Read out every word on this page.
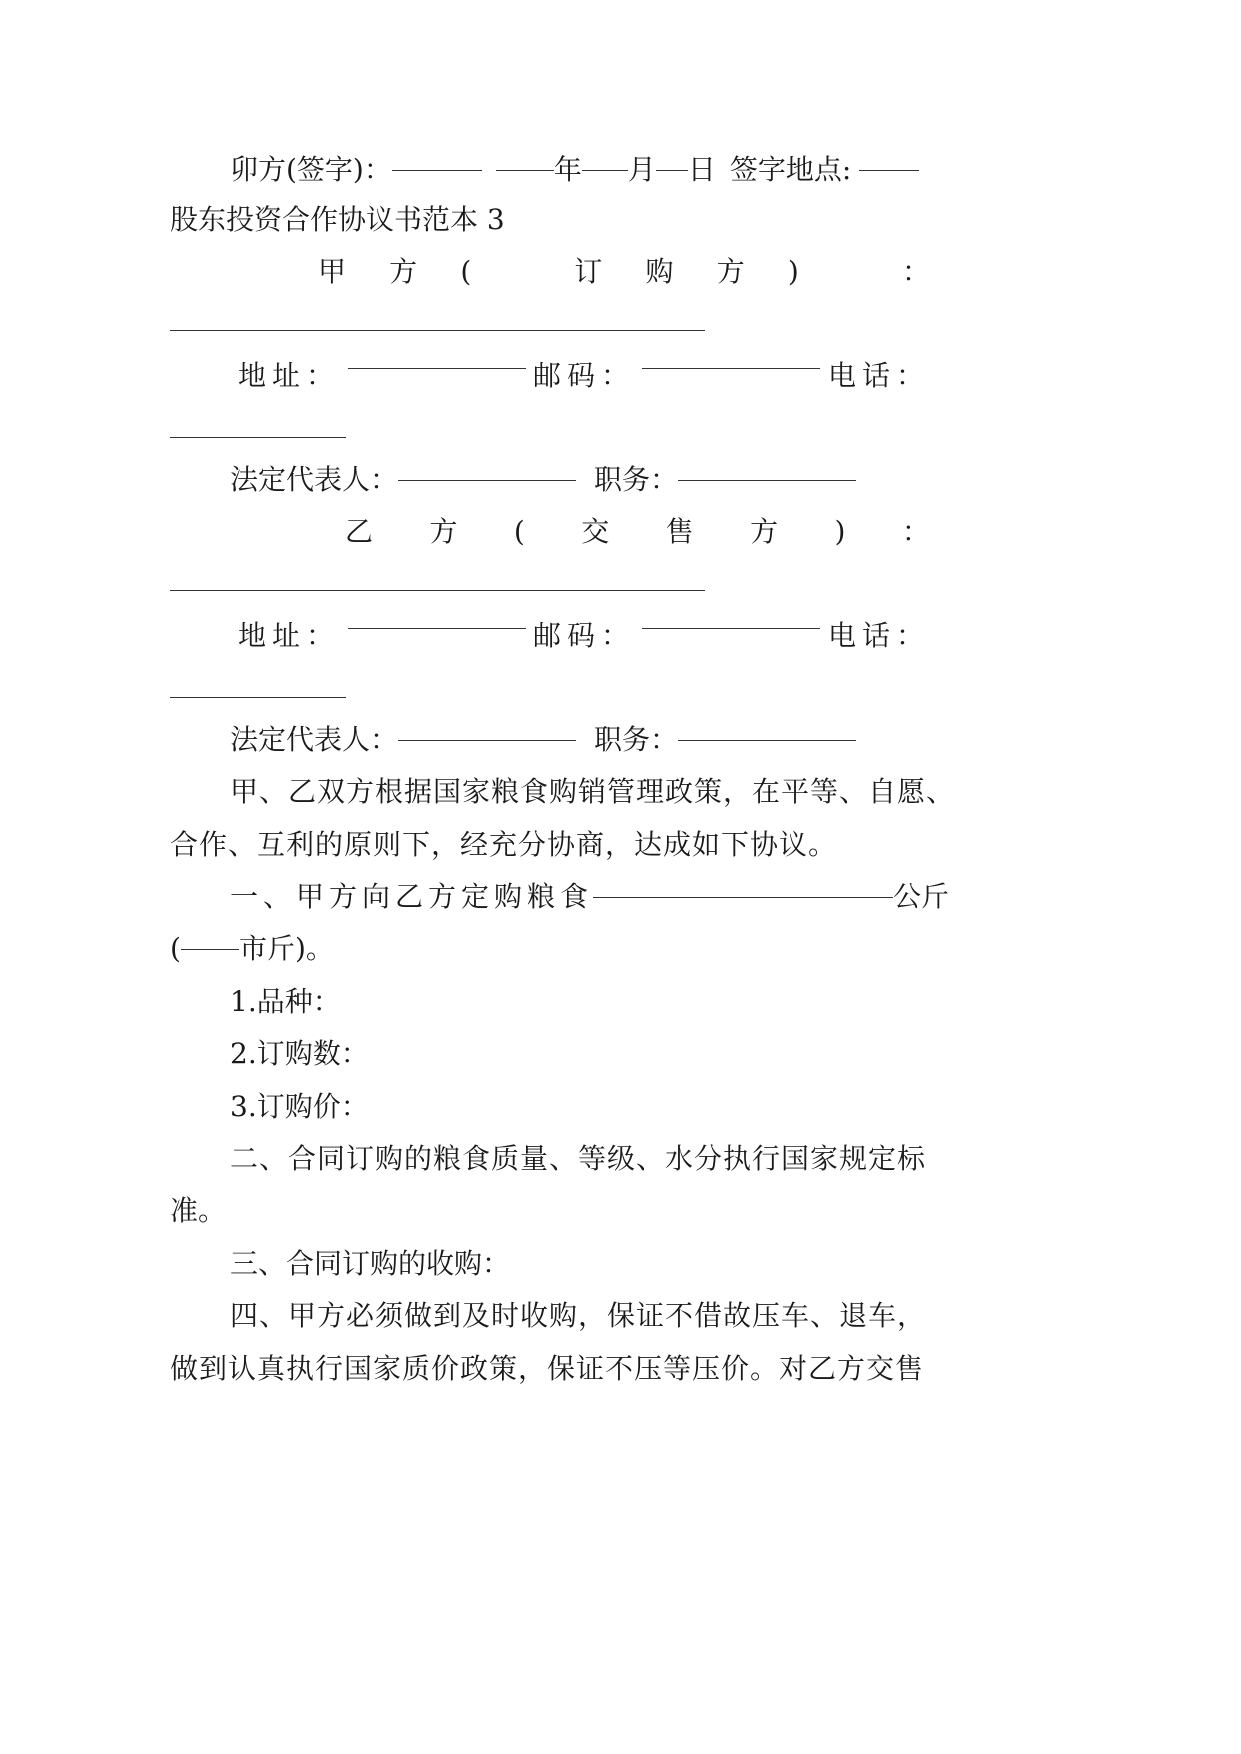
卯方(签字)：	年 月 日 签字地点:
股东投资合作协议书范本 3
甲 方 (	订 购 方 )	：
地址：	邮码：	电话：
法定代表人：	职务：
乙 方 ( 交 售 方 ) ：
地址：	邮码：	电话：
法定代表人：	职务：
甲、乙双方根据国家粮食购销管理政策，在平等、自愿、
合作、互利的原则下，经充分协商，达成如下协议。
一、甲方向乙方定购粮食	公斤
( 市斤)。
1.品种：
2.订购数：
3.订购价：
二、合同订购的粮食质量、等级、水分执行国家规定标
准。
三、合同订购的收购：
四、甲方必须做到及时收购，保证不借故压车、退车，
做到认真执行国家质价政策，保证不压等压价。对乙方交售
